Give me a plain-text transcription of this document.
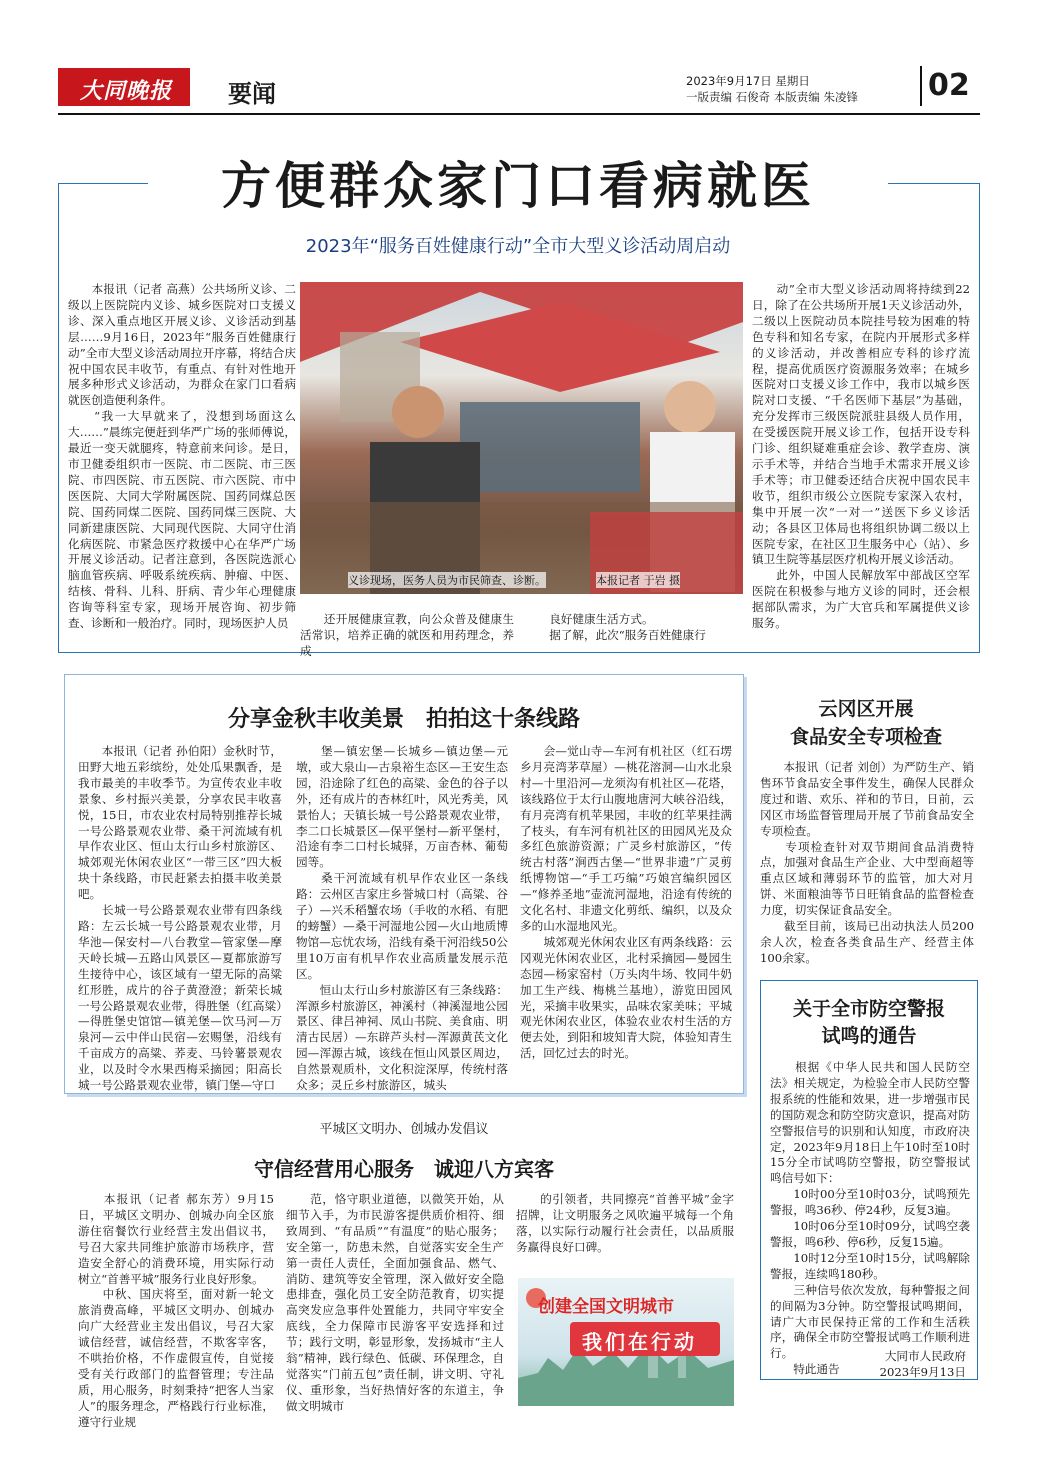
大同晚报 要闻	2023年9月17日 星期日
一版责编 石俊奇 本版责编 朱凌锋 02
方便群众家门口看病就医
2023年“服务百姓健康行动”全市大型义诊活动周启动
　　本报讯（记者 高燕）公共场所义诊、二级以上医院院内义诊、城乡医院对口支援义诊、深入重点地区开展义诊、义诊活动到基层……9月16日，2023年“服务百姓健康行动”全市大型义诊活动周拉开序幕，将结合庆祝中国农民丰收节，有重点、有针对性地开展多种形式义诊活动，为群众在家门口看病就医创造便利条件。
　　“我一大早就来了，没想到场面这么大……”晨练完便赶到华严广场的张师傅说，最近一变天就腿疼，特意前来问诊。是日，市卫健委组织市一医院、市二医院、市三医院、市四医院、市五医院、市六医院、市中医医院、大同大学附属医院、国药同煤总医院、国药同煤二医院、国药同煤三医院、大同新建康医院、大同现代医院、大同守仕消化病医院、市紧急医疗救援中心在华严广场开展义诊活动。记者注意到，各医院选派心脑血管疾病、呼吸系统疾病、肿瘤、中医、结核、骨科、儿科、肝病、青少年心理健康咨询等科室专家，现场开展咨询、初步筛查、诊断和一般治疗。同时，现场医护人员
义诊现场，医务人员为市民筛查、诊断。	本报记者 于岩 摄
　　还开展健康宣教，向公众普及健康生活常识，培养正确的就医和用药理念，养成
　　良好健康生活方式。
　　据了解，此次“服务百姓健康行
　　动”全市大型义诊活动周将持续到22日，除了在公共场所开展1天义诊活动外，二级以上医院动员本院挂号较为困难的特色专科和知名专家，在院内开展形式多样的义诊活动，并改善相应专科的诊疗流程，提高优质医疗资源服务效率；在城乡医院对口支援义诊工作中，我市以城乡医院对口支援、“千名医师下基层”为基础，充分发挥市三级医院派驻县级人员作用，在受援医院开展义诊工作，包括开设专科门诊、组织疑难重症会诊、教学查房、演示手术等，并结合当地手术需求开展义诊手术等；市卫健委还结合庆祝中国农民丰收节，组织市级公立医院专家深入农村，集中开展一次“一对一”送医下乡义诊活动；各县区卫体局也将组织协调二级以上医院专家，在社区卫生服务中心（站）、乡镇卫生院等基层医疗机构开展义诊活动。
　　此外，中国人民解放军中部战区空军医院在积极参与地方义诊的同时，还会根据部队需求，为广大官兵和军属提供义诊服务。
分享金秋丰收美景　拍拍这十条线路
　　本报讯（记者 孙伯阳）金秋时节，田野大地五彩缤纷，处处瓜果飘香，是我市最美的丰收季节。为宣传农业丰收景象、乡村振兴美景，分享农民丰收喜悦，15日，市农业农村局特别推荐长城一号公路景观农业带、桑干河流域有机早作农业区、恒山太行山乡村旅游区、城郊观光休闲农业区“一带三区”四大板块十条线路，市民赶紧去拍摄丰收美景吧。
　　长城一号公路景观农业带有四条线路：左云长城一号公路景观农业带，月华池—保安村—八台教堂—管家堡—摩天岭长城—五路山风景区—夏都旅游写生接待中心，该区域有一望无际的高粱红形胜，成片的谷子黄澄澄；新荣长城一号公路景观农业带，得胜堡（红高粱）—得胜堡史馆馆—镇羌堡—饮马河—万泉河—云中伴山民宿—宏赐堡，沿线有千亩成方的高粱、荞麦、马铃薯景观农业，以及时令水果西梅采摘园；阳高长城一号公路景观农业带，镇门堡—守口
　　堡—镇宏堡—长城乡—镇边堡—元墩，或大泉山—古泉裕生态区—王安生态园，沿途除了红色的高粱、金色的谷子以外，还有成片的杏林红叶，风光秀美，风景怡人；天镇长城一号公路景观农业带，李二口长城景区—保平堡村—新平堡村，沿途有李二口村长城驿，万亩杏林、葡萄园等。
　　桑干河流域有机早作农业区一条线路：云州区吉家庄乡誉城口村（高粱、谷子）—兴禾稻蟹农场（手收的水稻、有肥的螃蟹）—桑干河湿地公园—火山地质博物馆—忘忧农场，沿线有桑干河沿线50公里10万亩有机早作农业高质量发展示范区。
　　恒山太行山乡村旅游区有三条线路：浑源乡村旅游区，神溪村（神溪湿地公园景区、律吕神祠、凤山书院、美食庙、明清古民居）—东辟芦头村—浑源黄芪文化园—浑源古城，该线在恒山风景区周边，自然景观质朴，文化积淀深厚，传统村落众多；灵丘乡村旅游区，城头
　　会—觉山寺—车河有机社区（红石塄乡月亮湾茅草屋）—桃花溶洞—山水北泉村—十里沿河—龙须沟有机社区—花塔，该线路位于太行山腹地唐河大峡谷沿线，有月亮湾有机苹果园，丰收的红苹果挂满了枝头，有车河有机社区的田园风光及众多红色旅游资源；广灵乡村旅游区，“传统古村落”涧西古堡—“世界非遗”广灵剪纸博物馆—“手工巧编”巧娘宫编织园区—“修养圣地”壶流河湿地，沿途有传统的文化名村、非遗文化剪纸、编织，以及众多的山水湿地风光。
　　城郊观光休闲农业区有两条线路：云冈观光休闲农业区，北村采摘园—曼园生态园—杨家窑村（万头肉牛场、牧同牛奶加工生产线、梅桃兰基地），游览田园风光，采摘丰收果实，品味农家美味；平城观光休闲农业区，体验农业农村生活的方便去处，到阳和坡知青大院，体验知青生活，回忆过去的时光。
云冈区开展
食品安全专项检查
　　本报讯（记者 刘创）为严防生产、销售环节食品安全事件发生，确保人民群众度过和谐、欢乐、祥和的节日，日前，云冈区市场监督管理局开展了节前食品安全专项检查。
　　专项检查针对双节期间食品消费特点，加强对食品生产企业、大中型商超等重点区域和薄弱环节的监管，加大对月饼、米面粮油等节日旺销食品的监督检查力度，切实保证食品安全。
　　截至目前，该局已出动执法人员200余人次，检查各类食品生产、经营主体100余家。
关于全市防空警报
试鸣的通告
　　根据《中华人民共和国人民防空法》相关规定，为检验全市人民防空警报系统的性能和效果，进一步增强市民的国防观念和防空防灾意识，提高对防空警报信号的识别和认知度，市政府决定，2023年9月18日上午10时至10时15分全市试鸣防空警报，防空警报试鸣信号如下：
　　10时00分至10时03分，试鸣预先警报，鸣36秒、停24秒，反复3遍。
　　10时06分至10时09分，试鸣空袭警报，鸣6秒、停6秒，反复15遍。
　　10时12分至10时15分，试鸣解除警报，连续鸣180秒。
　　三种信号依次发放，每种警报之间的间隔为3分钟。防空警报试鸣期间，请广大市民保持正常的工作和生活秩序，确保全市防空警报试鸣工作顺利进行。
　　特此通告
大同市人民政府
2023年9月13日
平城区文明办、创城办发倡议
守信经营用心服务　诚迎八方宾客
　　本报讯（记者 郝东芳）9月15日，平城区文明办、创城办向全区旅游住宿餐饮行业经营主发出倡议书，号召大家共同维护旅游市场秩序，营造安全舒心的消费环境，用实际行动树立“首善平城”服务行业良好形象。
　　中秋、国庆将至，面对新一轮文旅消费高峰，平城区文明办、创城办向广大经营业主发出倡议，号召大家诚信经营，诚信经营，不欺客宰客，不哄抬价格，不作虚假宣传，自觉接受有关行政部门的监督管理；专注品质，用心服务，时刻秉持“把客人当家人”的服务理念，严格践行行业标准，遵守行业规
　　范，恪守职业道德，以微笑开始，从细节入手，为市民游客提供质价相符、细致周到、“有品质”“有温度”的贴心服务；安全第一，防患未然，自觉落实安全生产第一责任人责任，全面加强食品、燃气、消防、建筑等安全管理，深入做好安全隐患排查，强化员工安全防范教育，切实提高突发应急事件处置能力，共同守牢安全底线，全力保障市民游客平安选择和过节；践行文明，彰显形象，发扬城市“主人翁”精神，践行绿色、低碳、环保理念，自觉落实“门前五包”责任制，讲文明、守礼仪、重形象，当好热情好客的东道主，争做文明城市
　　的引领者，共同擦亮“首善平城”金字招牌，让文明服务之风吹遍平城每一个角落，以实际行动履行社会责任，以品质服务赢得良好口碑。
创建全国文明城市
我们在行动
